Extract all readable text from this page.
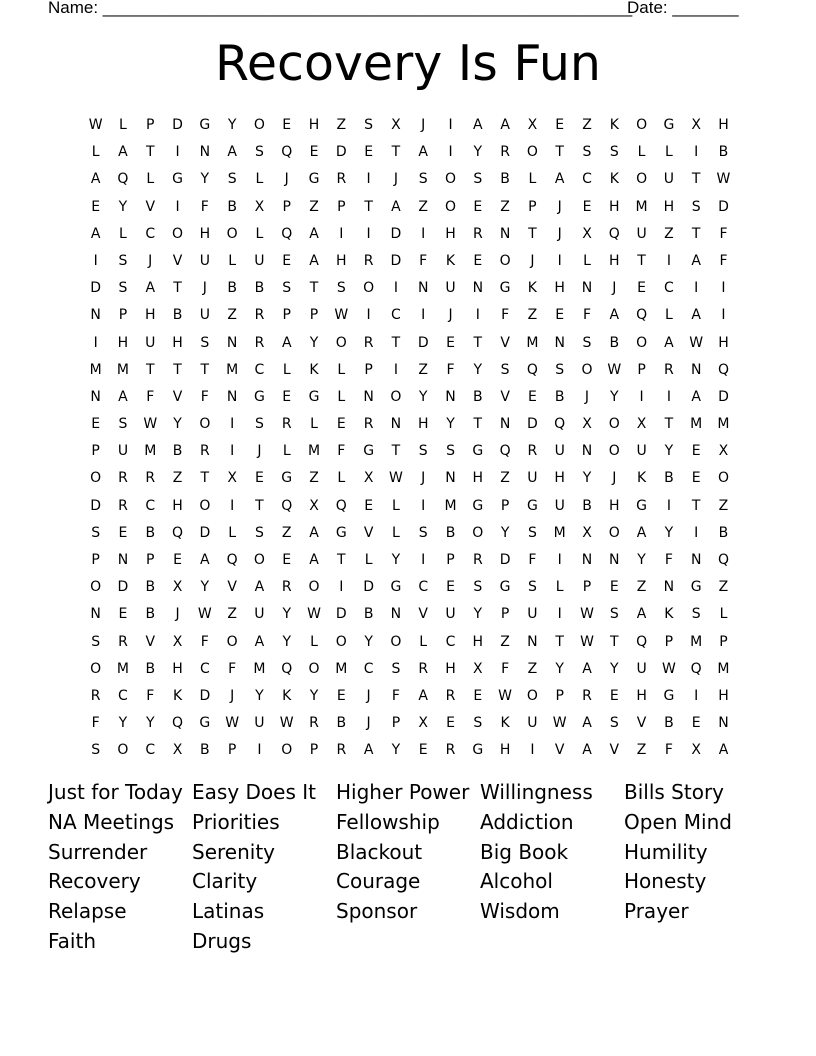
Name: ________________________________________________________
Date: _______
Recovery Is Fun
W	L	P	D	G	Y	O	E	H	Z	S	X	J	I	A	A	X	E	Z	K	O	G	X	H
L	A	T	I	N	A	S	Q	E	D	E	T	A	I	Y	R	O	T	S	S	L	L	I	B
A	Q	L	G	Y	S	L	J	G	R	I	J	S	O	S	B	L	A	C	K	O	U	T	W
E	Y	V	I	F	B	X	P	Z	P	T	A	Z	O	E	Z	P	J	E	H	M	H	S	D
A	L	C	O	H	O	L	Q	A	I	I	D	I	H	R	N	T	J	X	Q	U	Z	T	F
I	S	J	V	U	L	U	E	A	H	R	D	F	K	E	O	J	I	L	H	T	I	A	F
D	S	A	T	J	B	B	S	T	S	O	I	N	U	N	G	K	H	N	J	E	C	I	I
N	P	H	B	U	Z	R	P	P	W	I	C	I	J	I	F	Z	E	F	A	Q	L	A	I
I	H	U	H	S	N	R	A	Y	O	R	T	D	E	T	V	M	N	S	B	O	A	W	H
M	M	T	T	T	M	C	L	K	L	P	I	Z	F	Y	S	Q	S	O	W	P	R	N	Q
N	A	F	V	F	N	G	E	G	L	N	O	Y	N	B	V	E	B	J	Y	I	I	A	D
E	S	W	Y	O	I	S	R	L	E	R	N	H	Y	T	N	D	Q	X	O	X	T	M	M
P	U	M	B	R	I	J	L	M	F	G	T	S	S	G	Q	R	U	N	O	U	Y	E	X
O	R	R	Z	T	X	E	G	Z	L	X	W	J	N	H	Z	U	H	Y	J	K	B	E	O
D	R	C	H	O	I	T	Q	X	Q	E	L	I	M	G	P	G	U	B	H	G	I	T	Z
S	E	B	Q	D	L	S	Z	A	G	V	L	S	B	O	Y	S	M	X	O	A	Y	I	B
P	N	P	E	A	Q	O	E	A	T	L	Y	I	P	R	D	F	I	N	N	Y	F	N	Q
O	D	B	X	Y	V	A	R	O	I	D	G	C	E	S	G	S	L	P	E	Z	N	G	Z
N	E	B	J	W	Z	U	Y	W	D	B	N	V	U	Y	P	U	I	W	S	A	K	S	L
S	R	V	X	F	O	A	Y	L	O	Y	O	L	C	H	Z	N	T	W	T	Q	P	M	P
O	M	B	H	C	F	M	Q	O	M	C	S	R	H	X	F	Z	Y	A	Y	U	W	Q	M
R	C	F	K	D	J	Y	K	Y	E	J	F	A	R	E	W	O	P	R	E	H	G	I	H
F	Y	Y	Q	G	W	U	W	R	B	J	P	X	E	S	K	U	W	A	S	V	B	E	N
S	O	C	X	B	P	I	O	P	R	A	Y	E	R	G	H	I	V	A	V	Z	F	X	A
Just for Today
NA Meetings
Surrender
Recovery
Relapse
Faith
Easy Does It
Priorities
Serenity
Clarity
Latinas
Drugs
Higher Power
Fellowship
Blackout
Courage
Sponsor
Willingness
Addiction
Big Book
Alcohol
Wisdom
Bills Story
Open Mind
Humility
Honesty
Prayer
